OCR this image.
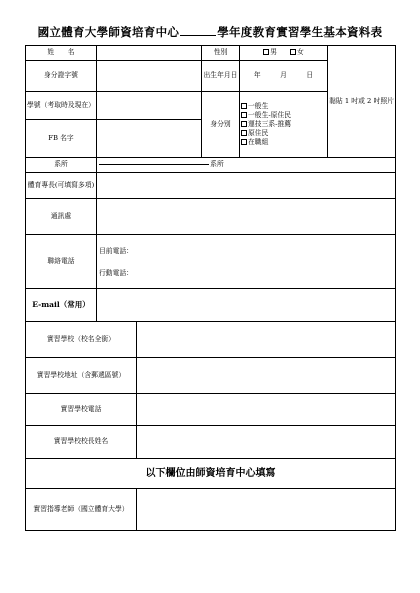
國立體育大學師資培育中心	學年度教育實習學生基本資料表
姓　　名			性別	男 女	黏貼 1 吋或 2 吋照片
身分證字號			出生年月日	年 月 日	
學號（考取時及現在）			身分別	一般生
一般生-原住民
運技三系-推薦
原住民
在職組	

FB 名字					
系所	系所				
體育專長(可填寫多項)					
通訊處					
聯絡電話	目前電話：
行動電話：				

E-mail（常用）					
實習學校（校名全銜）					
實習學校地址（含郵遞區號）					
實習學校電話					
實習學校校長姓名					
以下欄位由師資培育中心填寫					
實習指導老師（國立體育大學）					
